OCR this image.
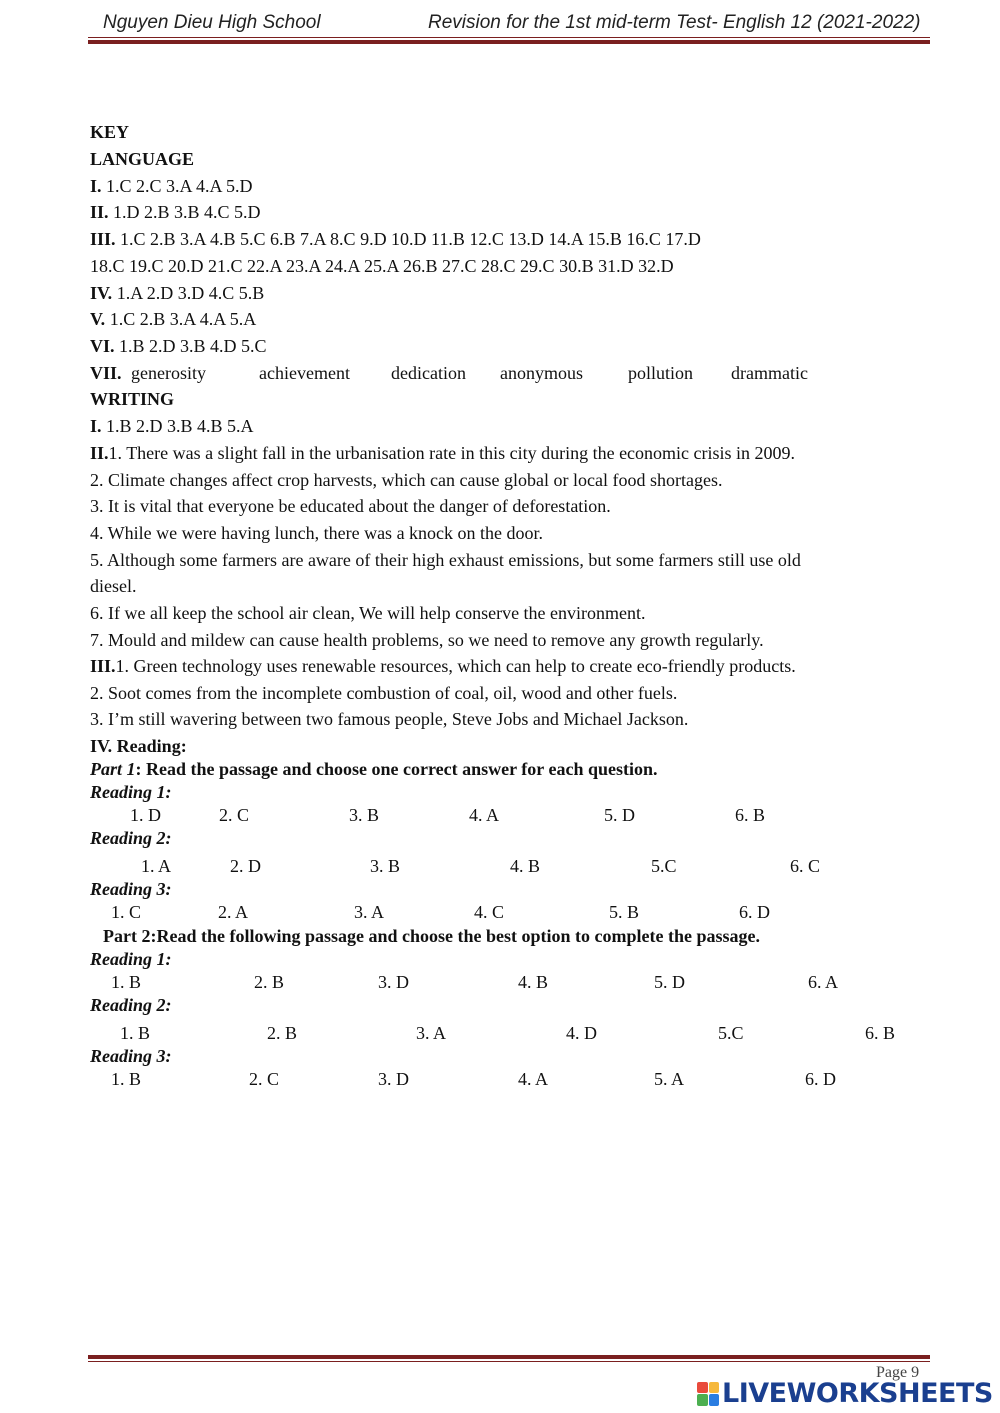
Nguyen Dieu High School	Revision for the 1st mid-term Test- English 12 (2021-2022)
KEY
LANGUAGE
I. 1.C 2.C 3.A 4.A 5.D
II. 1.D 2.B 3.B 4.C 5.D
III. 1.C 2.B 3.A 4.B 5.C 6.B 7.A 8.C 9.D 10.D 11.B 12.C 13.D 14.A 15.B 16.C 17.D
18.C 19.C 20.D 21.C 22.A 23.A 24.A 25.A 26.B 27.C 28.C 29.C 30.B 31.D 32.D
IV. 1.A 2.D 3.D 4.C 5.B
V. 1.C 2.B 3.A 4.A 5.A
VI. 1.B 2.D 3.B 4.D 5.C
VII. generosity	achievement dedication anonymous	pollution drammatic
WRITING
I. 1.B 2.D 3.B 4.B 5.A
II.1. There was a slight fall in the urbanisation rate in this city during the economic crisis in 2009.
2. Climate changes affect crop harvests, which can cause global or local food shortages.
3. It is vital that everyone be educated about the danger of deforestation.
4. While we were having lunch, there was a knock on the door.
5. Although some farmers are aware of their high exhaust emissions, but some farmers still use old
diesel.
6. If we all keep the school air clean, We will help conserve the environment.
7. Mould and mildew can cause health problems, so we need to remove any growth regularly.
III.1. Green technology uses renewable resources, which can help to create eco-friendly products.
2. Soot comes from the incomplete combustion of coal, oil, wood and other fuels.
3. I’m still wavering between two famous people, Steve Jobs and Michael Jackson.
IV. Reading:
Part 1: Read the passage and choose one correct answer for each question.
Reading 1:
1. D	2. C	3. B	4. A	5. D	6. B
Reading 2:
1. A	2. D	3. B	4. B	5.C	6. C
Reading 3:
1. C	2. A	3. A	4. C	5. B	6. D
Part 2:Read the following passage and choose the best option to complete the passage.
Reading 1:
1. B	2. B	3. D	4. B	5. D	6. A
Reading 2:
1. B	2. B	3. A	4. D	5.C	6. B
Reading 3:
1. B	2. C	3. D	4. A	5. A	6. D
Page 9
LIVEWORKSHEETS
